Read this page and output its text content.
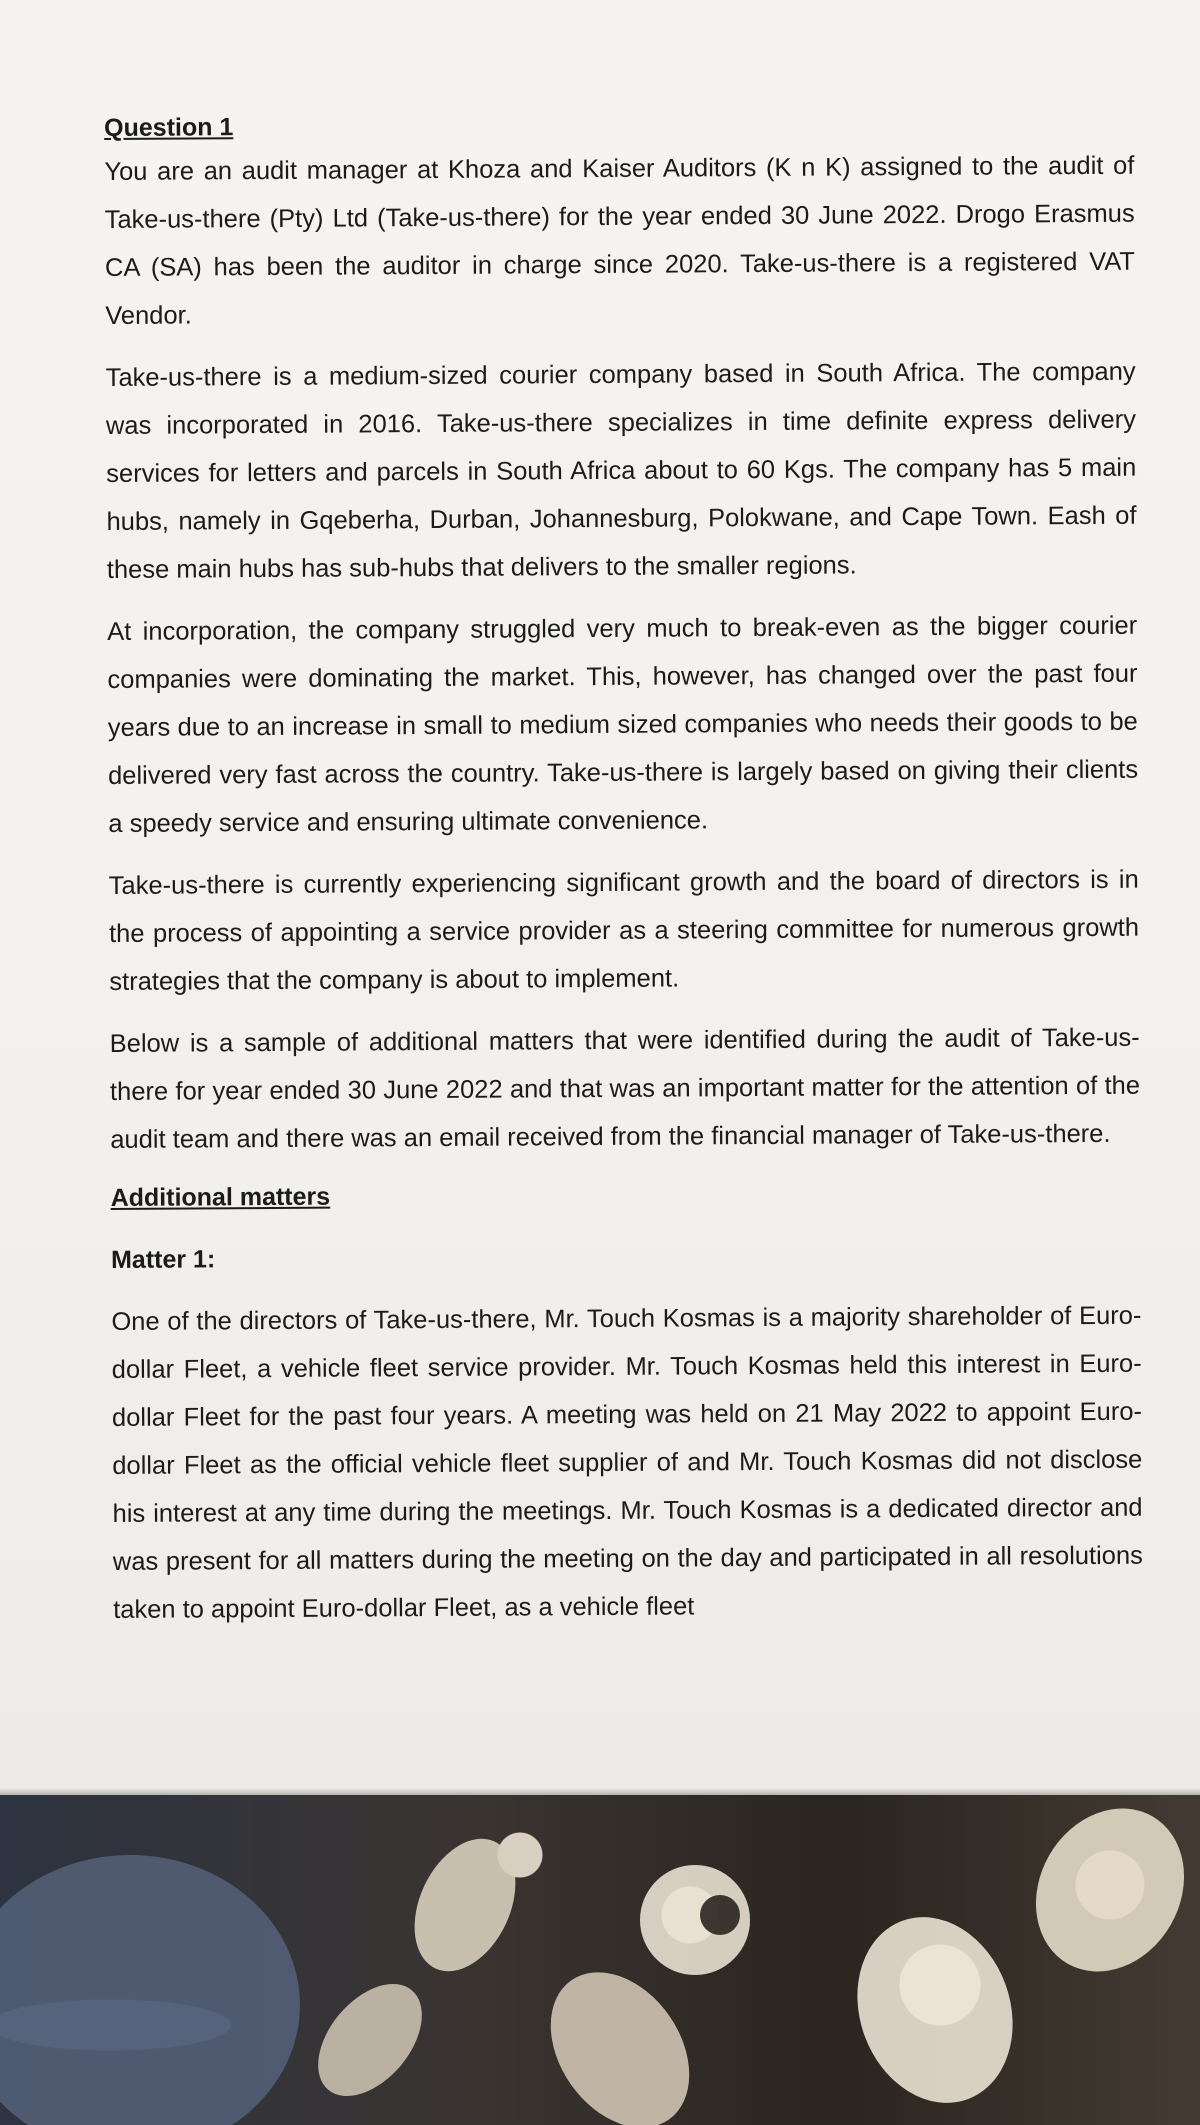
Question 1

You are an audit manager at Khoza and Kaiser Auditors (K n K) assigned to the audit of Take-us-there (Pty) Ltd (Take-us-there) for the year ended 30 June 2022. Drogo Erasmus CA (SA) has been the auditor in charge since 2020. Take-us-there is a registered VAT Vendor.

Take-us-there is a medium-sized courier company based in South Africa. The company was incorporated in 2016. Take-us-there specializes in time definite express delivery services for letters and parcels in South Africa about to 60 Kgs. The company has 5 main hubs, namely in Gqeberha, Durban, Johannesburg, Polokwane, and Cape Town. Eash of these main hubs has sub-hubs that delivers to the smaller regions.

At incorporation, the company struggled very much to break-even as the bigger courier companies were dominating the market. This, however, has changed over the past four years due to an increase in small to medium sized companies who needs their goods to be delivered very fast across the country. Take-us-there is largely based on giving their clients a speedy service and ensuring ultimate convenience.

Take-us-there is currently experiencing significant growth and the board of directors is in the process of appointing a service provider as a steering committee for numerous growth strategies that the company is about to implement.

Below is a sample of additional matters that were identified during the audit of Take-us-there for year ended 30 June 2022 and that was an important matter for the attention of the audit team and there was an email received from the financial manager of Take-us-there.

Additional matters

Matter 1:

One of the directors of Take-us-there, Mr. Touch Kosmas is a majority shareholder of Euro-dollar Fleet, a vehicle fleet service provider. Mr. Touch Kosmas held this interest in Euro-dollar Fleet for the past four years. A meeting was held on 21 May 2022 to appoint Euro-dollar Fleet as the official vehicle fleet supplier of and Mr. Touch Kosmas did not disclose his interest at any time during the meetings. Mr. Touch Kosmas is a dedicated director and was present for all matters during the meeting on the day and participated in all resolutions taken to appoint Euro-dollar Fleet, as a vehicle fleet
